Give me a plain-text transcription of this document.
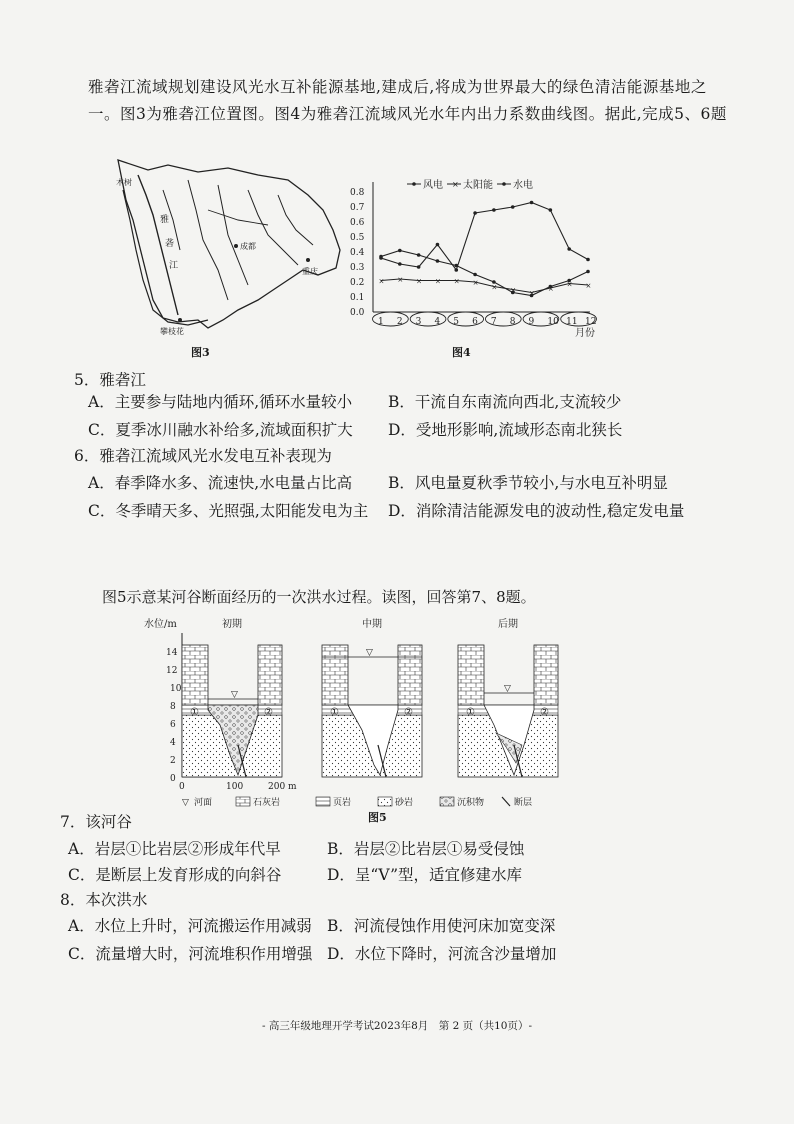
雅砻江流域规划建设风光水互补能源基地,建成后,将成为世界最大的绿色清洁能源基地之一。图3为雅砻江位置图。图4为雅砻江流域风光水年内出力系数曲线图。据此,完成5、6题
木树
雅
砻
江
成都
重庆
攀枝花
图3
0.0
0.1
0.2
0.3
0.4
0.5
0.6
0.7
0.8
1 2 3 4 5 6 7 8 9 10 11 12
× × × × × ×
× × ×
×
× ×
风电 × 太阳能 水电
月份
图4
5．雅砻江
A．主要参与陆地内循环,循环水量较小 B．干流自东南流向西北,支流较少
C．夏季冰川融水补给多,流域面积扩大 D．受地形影响,流域形态南北狭长
6．雅砻江流域风光水发电互补表现为
A．春季降水多、流速快,水电量占比高 B．风电量夏秋季节较小,与水电互补明显
C．冬季晴天多、光照强,太阳能发电为主 D．消除清洁能源发电的波动性,稳定发电量
图5示意某河谷断面经历的一次洪水过程。读图，回答第7、8题。
水位/m
0
2
4
6
8
10
12
14
0	100	200 m
初期
▽
①	②
中期
▽
①	②
后期
▽
①	②
▽ 河面	石灰岩	页岩	砂岩	沉积物	断层
图5
7．该河谷
A．岩层①比岩层②形成年代早	B．岩层②比岩层①易受侵蚀
C．是断层上发育形成的向斜谷	D．呈“V”型，适宜修建水库
8．本次洪水
A．水位上升时，河流搬运作用减弱 B．河流侵蚀作用使河床加宽变深
C．流量增大时，河流堆积作用增强 D．水位下降时，河流含沙量增加
- 高三年级地理开学考试2023年8月　第 2 页（共10页）-
